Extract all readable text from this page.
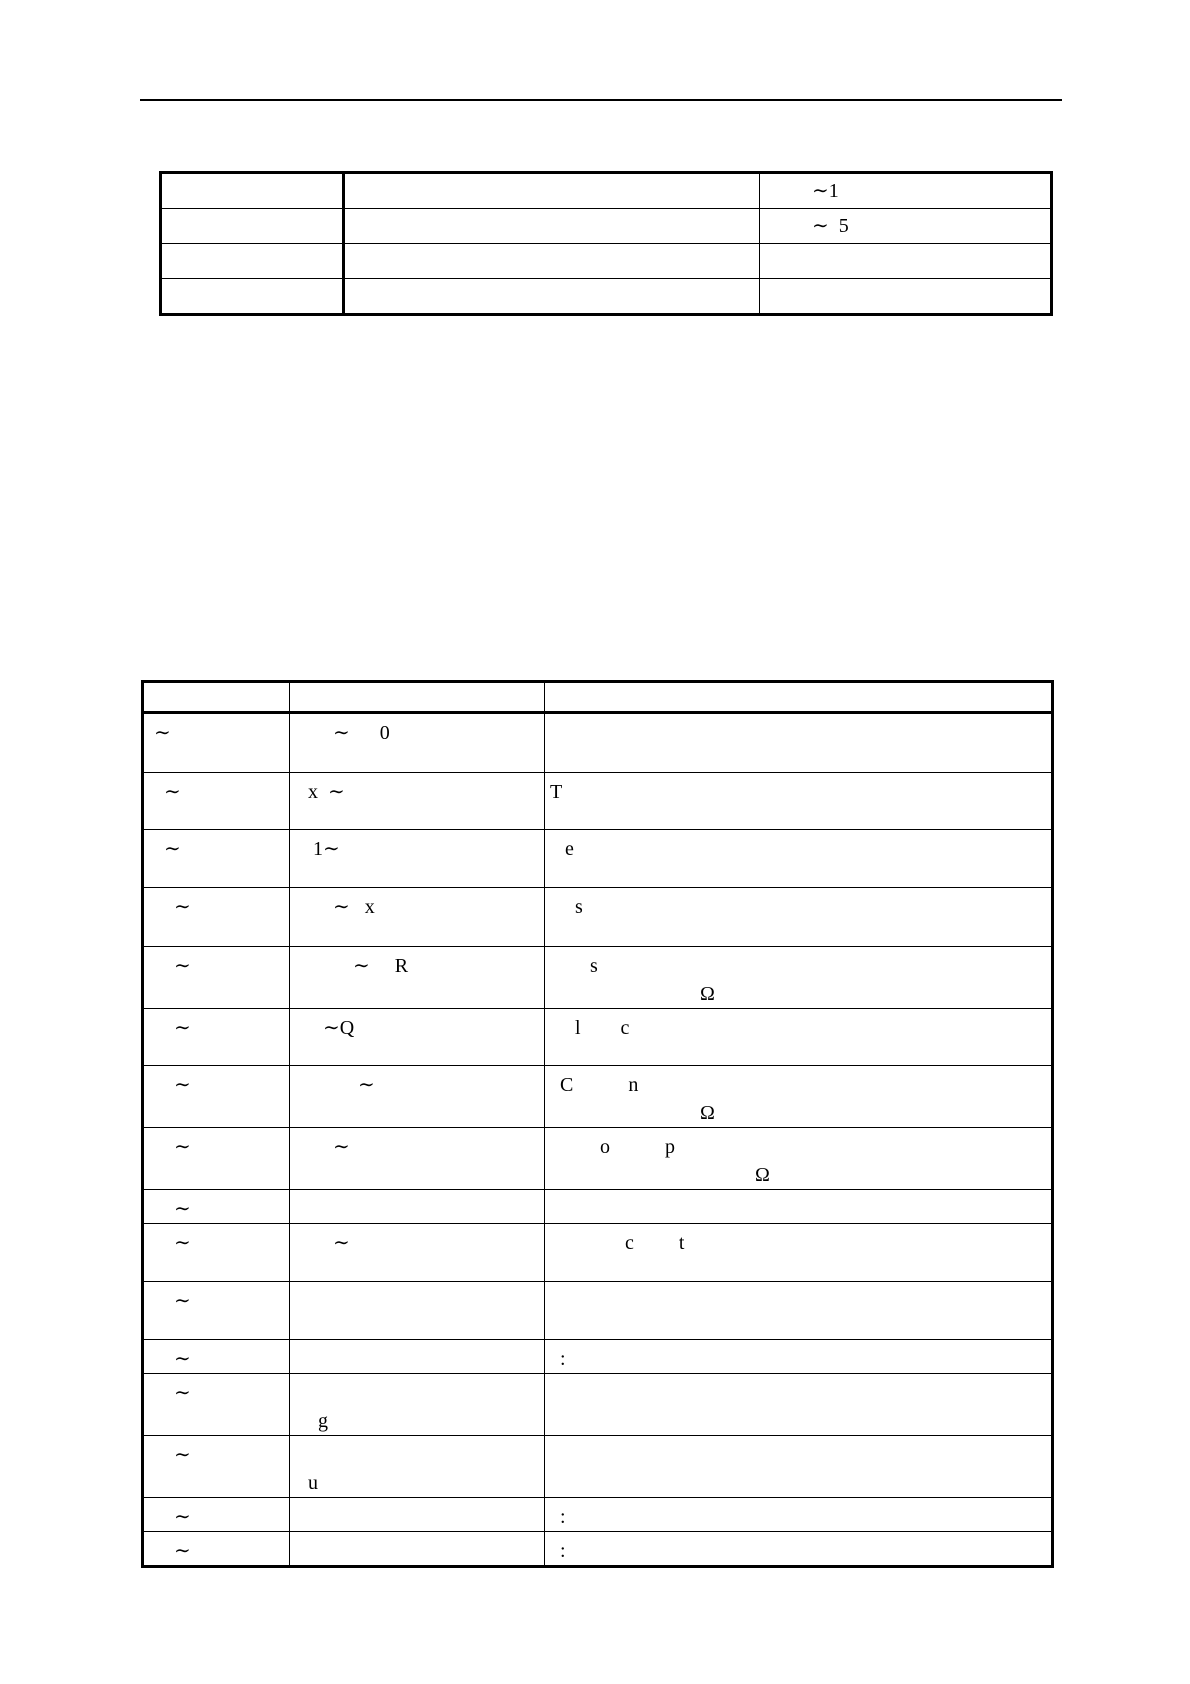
		∼1

		∼  5

∼	∼      0	

∼	x  ∼	T

∼	1∼	e

∼	∼   x	s

∼	∼     R	s
Ω

∼	∼Q	l        c

∼	∼	C           n
Ω

∼	∼	o           p
Ω

∼		

∼	∼	c         t

∼		

∼		:

∼	g	

∼	u	

∼		:

∼		:
